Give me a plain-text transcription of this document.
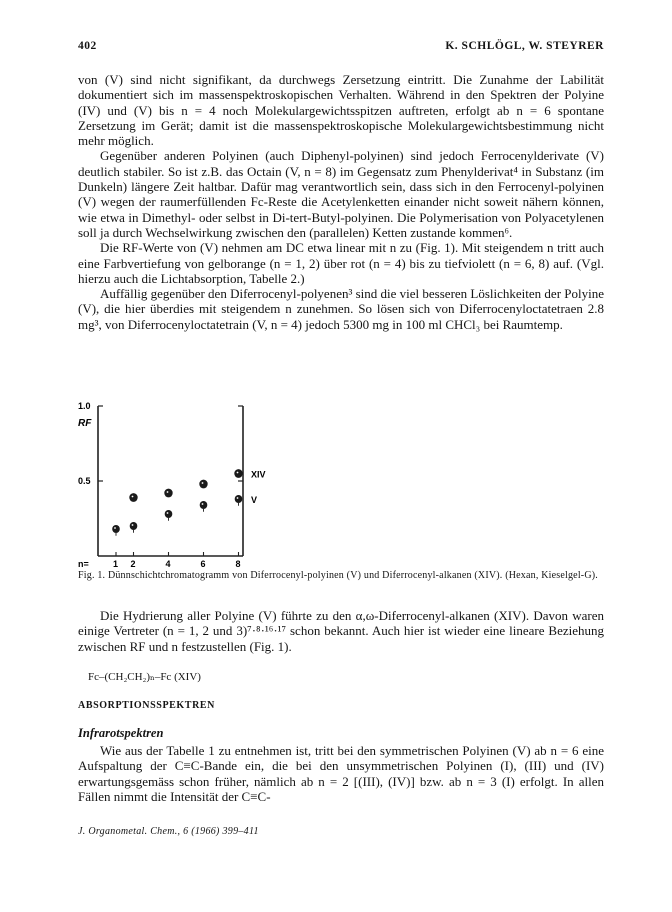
402	K. SCHLÖGL, W. STEYRER

von (V) sind nicht signifikant, da durchwegs Zersetzung eintritt. Die Zunahme der Labilität dokumentiert sich im massenspektroskopischen Verhalten. Während in den Spektren der Polyine (IV) und (V) bis n = 4 noch Molekulargewichtsspitzen auftreten, erfolgt ab n = 6 spontane Zersetzung im Gerät; damit ist die massenspektroskopische Molekulargewichtsbestimmung nicht mehr möglich.

Gegenüber anderen Polyinen (auch Diphenyl-polyinen) sind jedoch Ferrocenylderivate (V) deutlich stabiler. So ist z.B. das Octain (V, n = 8) im Gegensatz zum Phenylderivat⁴ in Substanz (im Dunkeln) längere Zeit haltbar. Dafür mag verantwortlich sein, dass sich in den Ferrocenyl-polyinen (V) wegen der raumerfüllenden Fc-Reste die Acetylenketten einander nicht soweit nähern können, wie etwa in Dimethyl- oder selbst in Di-tert-Butyl-polyinen. Die Polymerisation von Polyacetylenen soll ja durch Wechselwirkung zwischen den (parallelen) Ketten zustande kommen⁶.

Die RF-Werte von (V) nehmen am DC etwa linear mit n zu (Fig. 1). Mit steigendem n tritt auch eine Farbvertiefung von gelborange (n = 1, 2) über rot (n = 4) bis zu tiefviolett (n = 6, 8) auf. (Vgl. hierzu auch die Lichtabsorption, Tabelle 2.)

Auffällig gegenüber den Diferrocenyl-polyenen³ sind die viel besseren Löslichkeiten der Polyine (V), die hier überdies mit steigendem n zunehmen. So lösen sich von Diferrocenyloctatetraen 2.8 mg³, von Diferrocenyloctatetrain (V, n = 4) jedoch 5300 mg in 100 ml CHCl₃ bei Raumtemp.

1.0
0.5
RF
n=	1 2	4	6	8
XIV
V
Fig. 1. Dünnschichtchromatogramm von Diferrocenyl-polyinen (V) und Diferrocenyl-alkanen (XIV). (Hexan, Kieselgel-G).

Die Hydrierung aller Polyine (V) führte zu den α,ω-Diferrocenyl-alkanen (XIV). Davon waren einige Vertreter (n = 1, 2 und 3)⁷·⁸·¹⁶·¹⁷ schon bekannt. Auch hier ist wieder eine lineare Beziehung zwischen RF und n festzustellen (Fig. 1).

Fc–(CH₂CH₂)ₙ–Fc (XIV)
ABSORPTIONSSPEKTREN
Infrarotspektren

Wie aus der Tabelle 1 zu entnehmen ist, tritt bei den symmetrischen Polyinen (V) ab n = 6 eine Aufspaltung der C≡C-Bande ein, die bei den unsymmetrischen Polyinen (I), (III) und (IV) erwartungsgemäss schon früher, nämlich ab n = 2 [(III), (IV)] bzw. ab n = 3 (I) erfolgt. In allen Fällen nimmt die Intensität der C≡C-

J. Organometal. Chem., 6 (1966) 399–411
